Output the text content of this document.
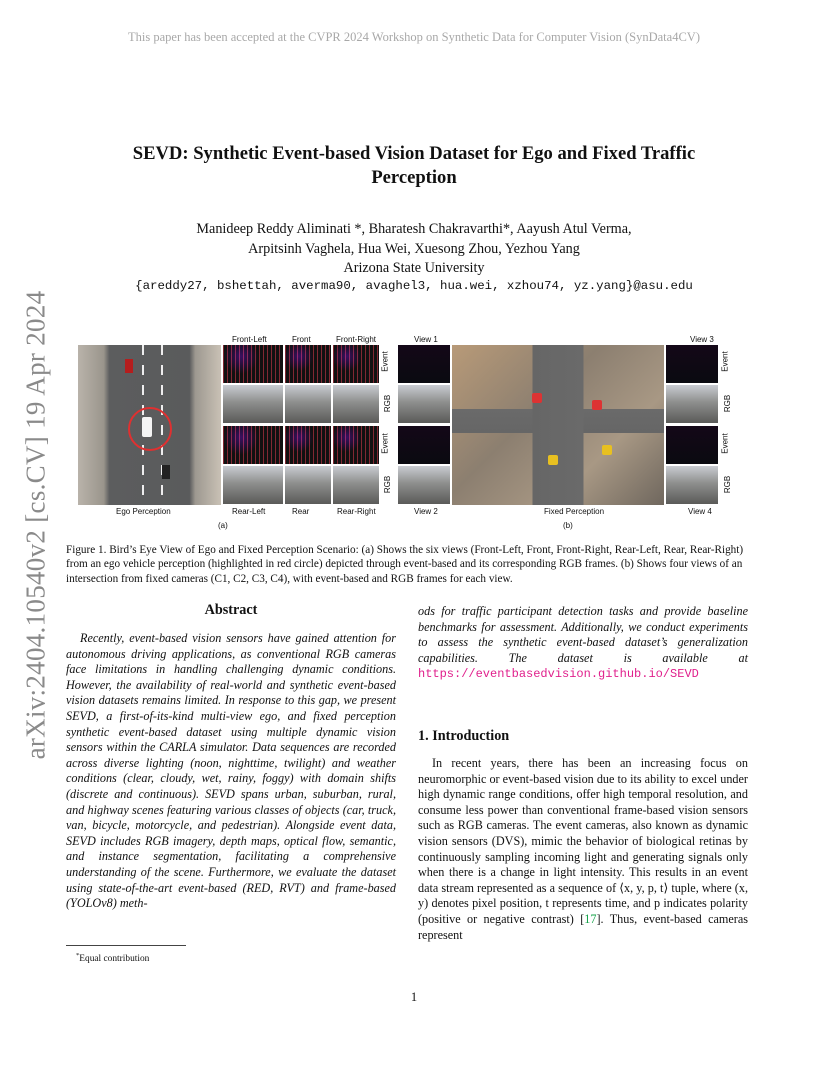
This paper has been accepted at the CVPR 2024 Workshop on Synthetic Data for Computer Vision (SynData4CV)
arXiv:2404.10540v2 [cs.CV] 19 Apr 2024
SEVD: Synthetic Event-based Vision Dataset for Ego and Fixed Traffic
Perception
Manideep Reddy Aliminati *, Bharatesh Chakravarthi*, Aayush Atul Verma,
Arpitsinh Vaghela, Hua Wei, Xuesong Zhou, Yezhou Yang
Arizona State University
{areddy27, bshettah, averma90, avaghel3, hua.wei, xzhou74, yz.yang}@asu.edu
Front-Left	Front	Front-Right
Event
RGB
Event
RGB
Ego Perception	Rear-Left	Rear	Rear-Right
(a)
View 1	View 3
Event
RGB
Event
RGB
View 2	Fixed Perception	View 4
(b)
Figure 1. Bird’s Eye View of Ego and Fixed Perception Scenario: (a) Shows the six views (Front-Left, Front, Front-Right, Rear-Left, Rear, Rear-Right) from an ego vehicle perception (highlighted in red circle) depicted through event-based and its corresponding RGB frames. (b) Shows four views of an intersection from fixed cameras (C1, C2, C3, C4), with event-based and RGB frames for each view.
Abstract
Recently, event-based vision sensors have gained attention for autonomous driving applications, as conventional RGB cameras face limitations in handling challenging dynamic conditions. However, the availability of real-world and synthetic event-based vision datasets remains limited. In response to this gap, we present SEVD, a first-of-its-kind multi-view ego, and fixed perception synthetic event-based dataset using multiple dynamic vision sensors within the CARLA simulator. Data sequences are recorded across diverse lighting (noon, nighttime, twilight) and weather conditions (clear, cloudy, wet, rainy, foggy) with domain shifts (discrete and continuous). SEVD spans urban, suburban, rural, and highway scenes featuring various classes of objects (car, truck, van, bicycle, motorcycle, and pedestrian). Alongside event data, SEVD includes RGB imagery, depth maps, optical flow, semantic, and instance segmentation, facilitating a comprehensive understanding of the scene. Furthermore, we evaluate the dataset using state-of-the-art event-based (RED, RVT) and frame-based (YOLOv8) meth-
ods for traffic participant detection tasks and provide baseline benchmarks for assessment. Additionally, we conduct experiments to assess the synthetic event-based dataset’s generalization capabilities. The dataset is available at https://eventbasedvision.github.io/SEVD
1. Introduction
In recent years, there has been an increasing focus on neuromorphic or event-based vision due to its ability to excel under high dynamic range conditions, offer high temporal resolution, and consume less power than conventional frame-based vision sensors such as RGB cameras. The event cameras, also known as dynamic vision sensors (DVS), mimic the behavior of biological retinas by continuously sampling incoming light and generating signals only when there is a change in light intensity. This results in an event data stream represented as a sequence of ⟨x, y, p, t⟩ tuple, where (x, y) denotes pixel position, t represents time, and p indicates polarity (positive or negative contrast) [17]. Thus, event-based cameras represent
*Equal contribution
1
